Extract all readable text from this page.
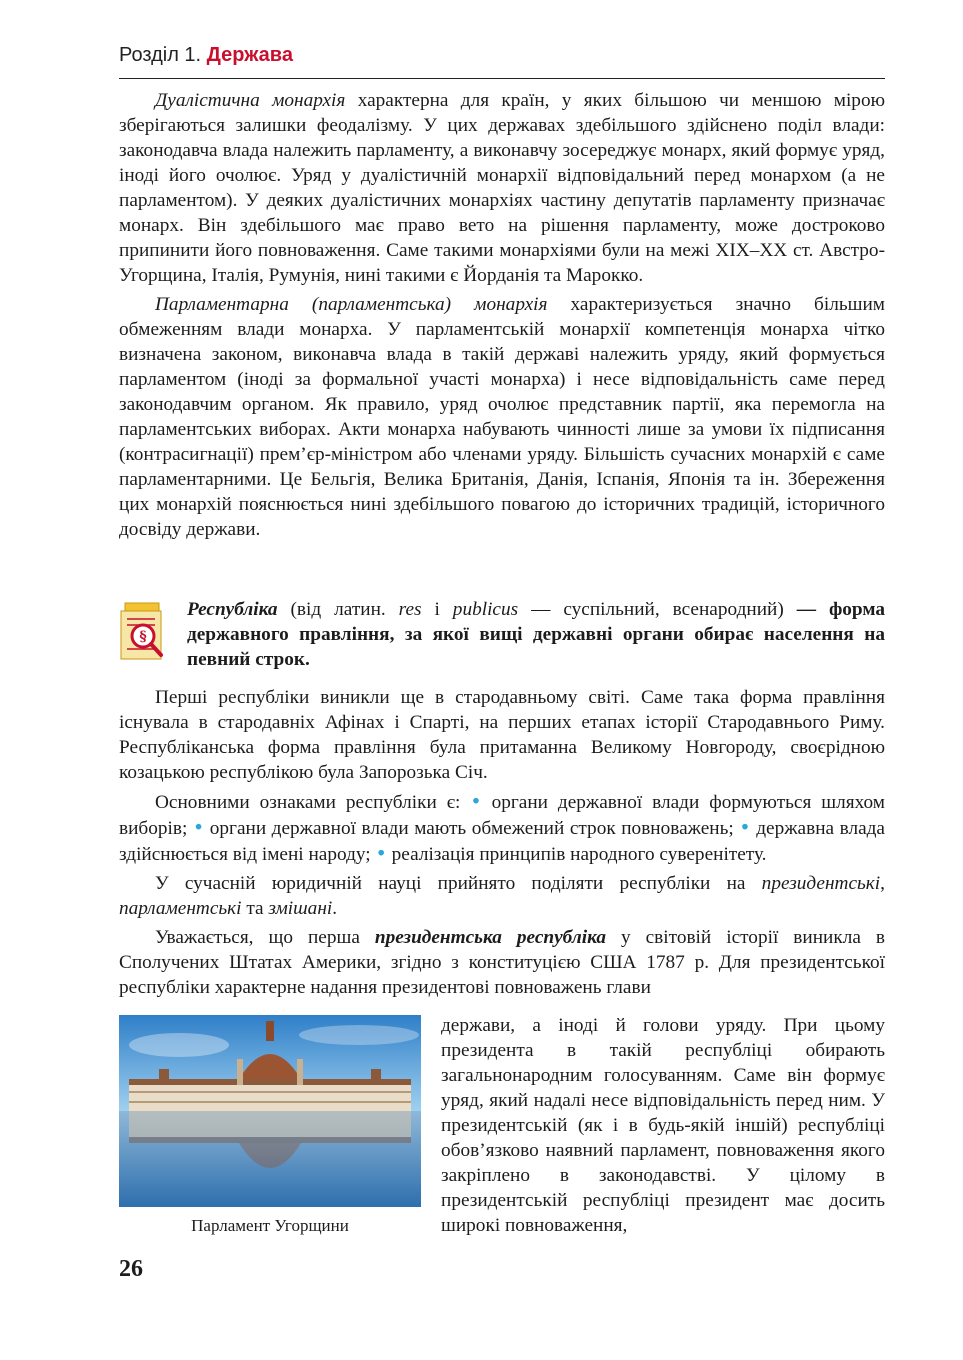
Розділ 1. Держава

Дуалістична монархія характерна для країн, у яких більшою чи меншою мірою зберігаються залишки феодалізму. У цих державах здебільшого здійснено поділ влади: законодавча влада належить парламенту, а виконавчу зосереджує монарх, який формує уряд, іноді його очолює. Уряд у дуалістичній монархії відповідальний перед монархом (а не парламентом). У деяких дуалістичних монархіях частину депутатів парламенту призначає монарх. Він здебільшого має право вето на рішення парламенту, може достроково припинити його повноваження. Саме такими монархіями були на межі XIX–XX ст. Австро-Угорщина, Італія, Румунія, нині такими є Йорданія та Марокко.

Парламентарна (парламентська) монархія характеризується значно більшим обмеженням влади монарха. У парламентській монархії компетенція монарха чітко визначена законом, виконавча влада в такій державі належить уряду, який формується парламентом (іноді за формальної участі монарха) і несе відповідальність саме перед законодавчим органом. Як правило, уряд очолює представник партії, яка перемогла на парламентських виборах. Акти монарха набувають чинності лише за умови їх підписання (контрасигнації) прем’єр-міністром або членами уряду. Більшість сучасних монархій є саме парламентарними. Це Бельгія, Велика Британія, Данія, Іспанія, Японія та ін. Збереження цих монархій пояснюється нині здебільшого повагою до історичних традицій, історичного досвіду держави.

§
Республіка (від латин. res і publicus — суспільний, всенародний) — форма державного правління, за якої вищі державні органи обирає населення на певний строк.

Перші республіки виникли ще в стародавньому світі. Саме така форма правління існувала в стародавніх Афінах і Спарті, на перших етапах історії Стародавнього Риму. Республіканська форма правління була притаманна Великому Новгороду, своєрідною козацькою республікою була Запорозька Січ.

Основними ознаками республіки є: • органи державної влади формуються шляхом виборів; • органи державної влади мають обмежений строк повноважень; • державна влада здійснюється від імені народу; • реалізація принципів народного суверенітету.

У сучасній юридичній науці прийнято поділяти республіки на президентські, парламентські та змішані.

Уважається, що перша президентська республіка у світовій історії виникла в Сполучених Штатах Америки, згідно з конституцією США 1787 р. Для президентської республіки характерне надання президентові повноважень глави

Парламент Угорщини

держави, а іноді й голови уряду. При цьому президента в такій республіці обирають загальнонародним голосуванням. Саме він формує уряд, який надалі несе відповідальність перед ним. У президентській (як і в будь-якій іншій) республіці обов’язково наявний парламент, повноваження якого закріплено в законодавстві. У цілому в президентській республіці президент має досить широкі повноваження,

26
